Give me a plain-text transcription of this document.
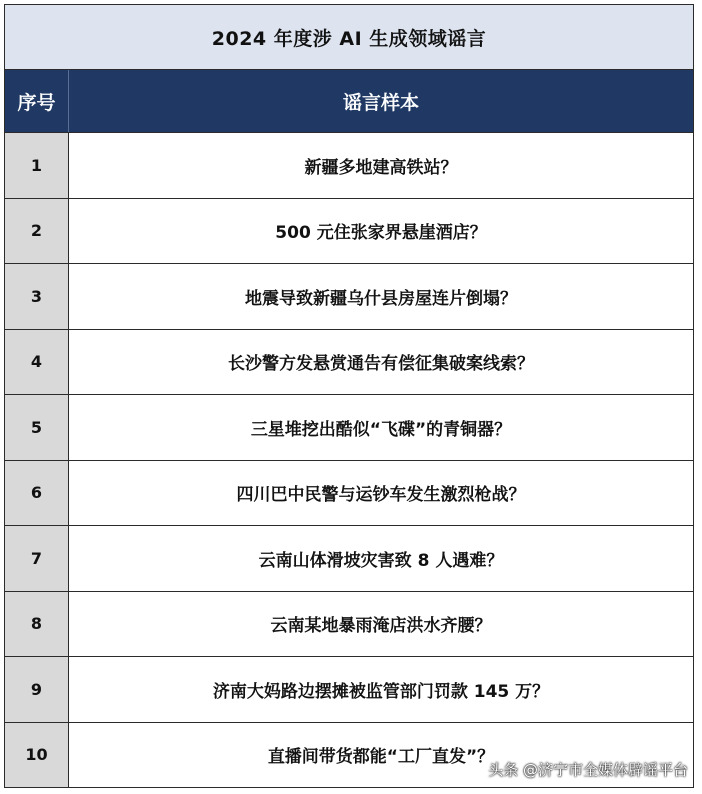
2024 年度涉 AI 生成领域谣言
序号	谣言样本
1	新疆多地建高铁站？
2	500 元住张家界悬崖酒店？
3	地震导致新疆乌什县房屋连片倒塌？
4	长沙警方发悬赏通告有偿征集破案线索？
5	三星堆挖出酷似“飞碟”的青铜器？
6	四川巴中民警与运钞车发生激烈枪战？
7	云南山体滑坡灾害致 8 人遇难？
8	云南某地暴雨淹店洪水齐腰？
9	济南大妈路边摆摊被监管部门罚款 145 万？
10	直播间带货都能“工厂直发”？
头条 @济宁市全媒体辟谣平台
